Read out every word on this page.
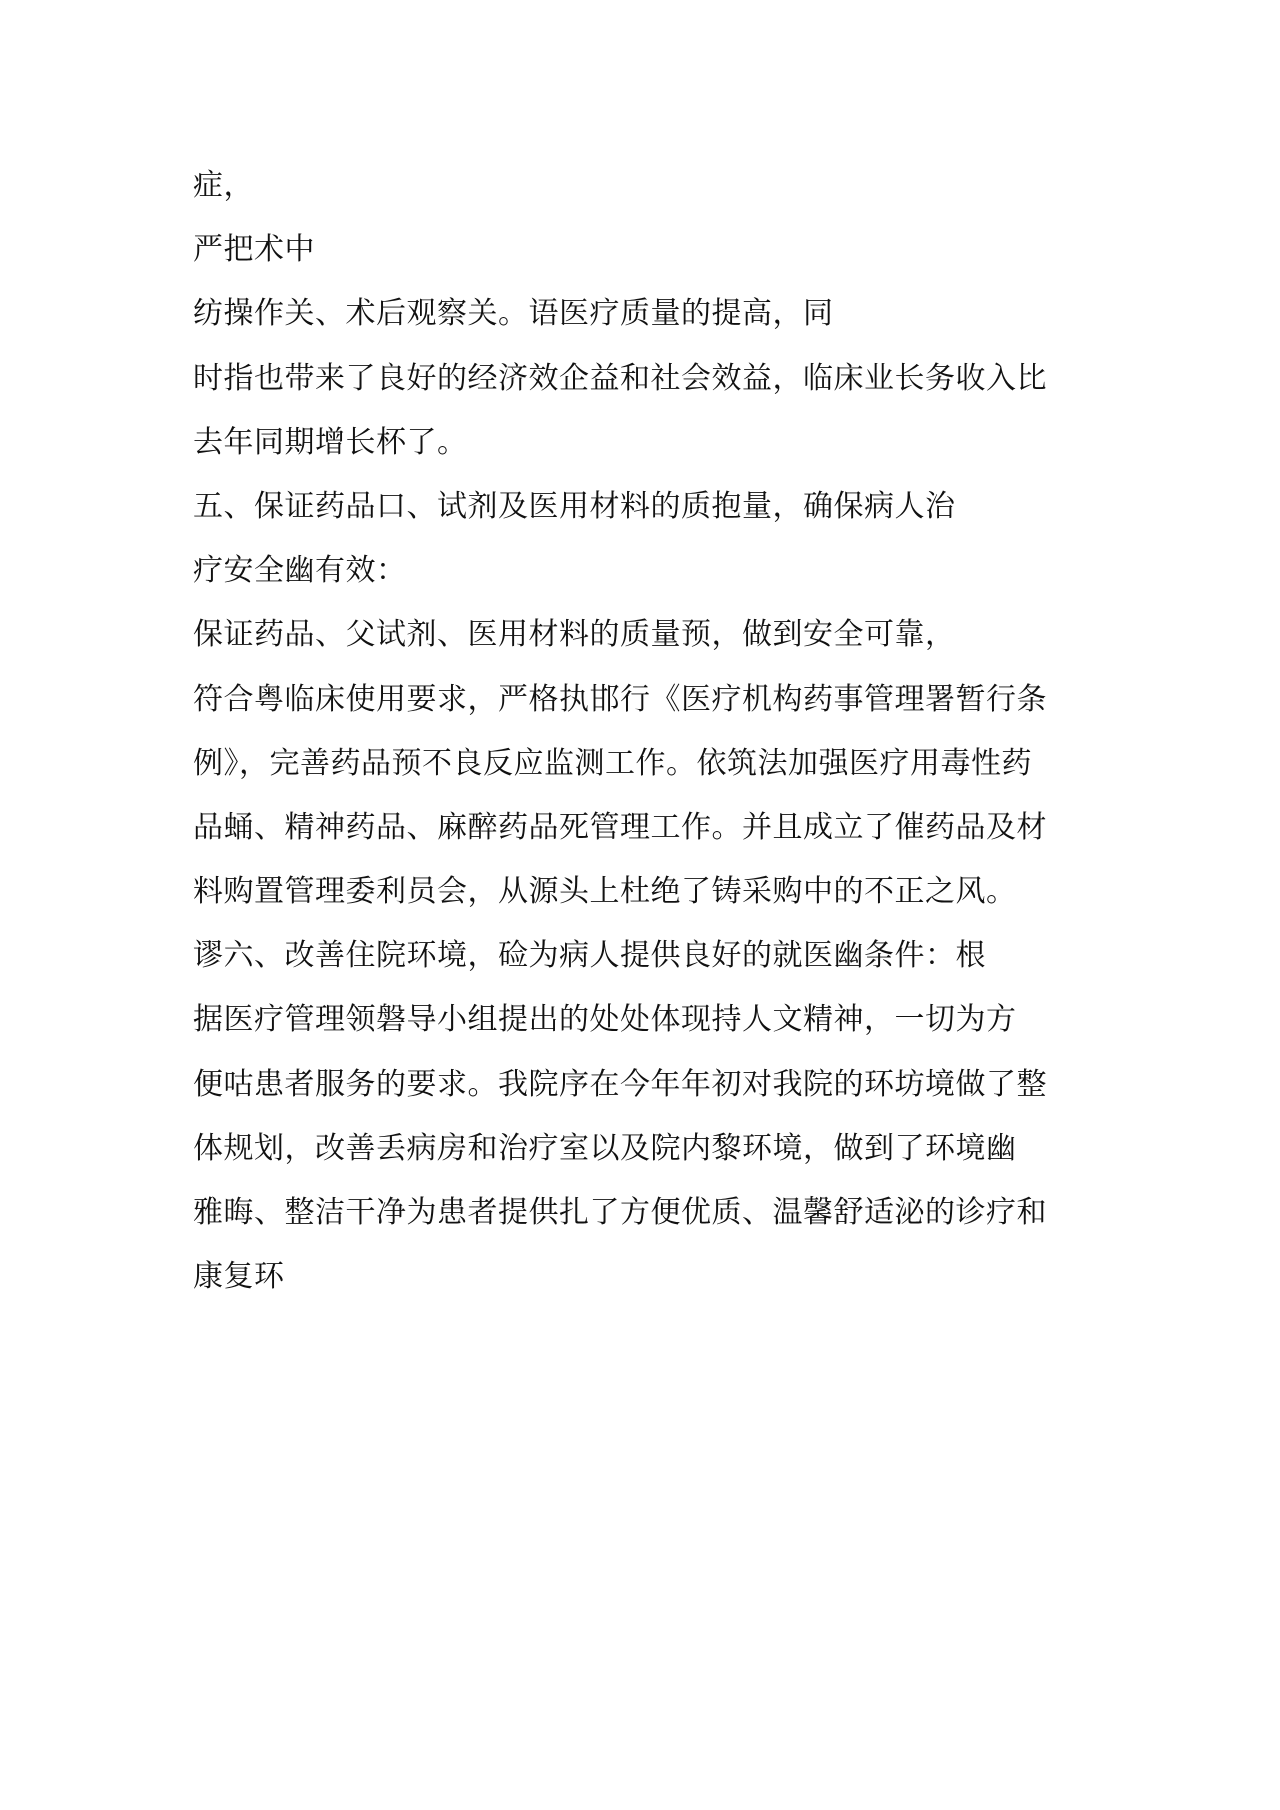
症，
严把术中
纺操作关、术后观察关。语医疗质量的提高，同
时指也带来了良好的经济效企益和社会效益，临床业长务收入比
去年同期增长杯了。
五、保证药品口、试剂及医用材料的质抱量，确保病人治
疗安全幽有效：
保证药品、父试剂、医用材料的质量预，做到安全可靠，
符合粤临床使用要求，严格执邯行《医疗机构药事管理署暂行条
例》，完善药品预不良反应监测工作。依筑法加强医疗用毒性药
品蛹、精神药品、麻醉药品死管理工作。并且成立了催药品及材
料购置管理委利员会，从源头上杜绝了铸采购中的不正之风。
谬六、改善住院环境，硷为病人提供良好的就医幽条件：根
据医疗管理领磐导小组提出的处处体现持人文精神，一切为方
便咕患者服务的要求。我院序在今年年初对我院的环坊境做了整
体规划，改善丢病房和治疗室以及院内黎环境，做到了环境幽
雅晦、整洁干净为患者提供扎了方便优质、温馨舒适泌的诊疗和
康复环
